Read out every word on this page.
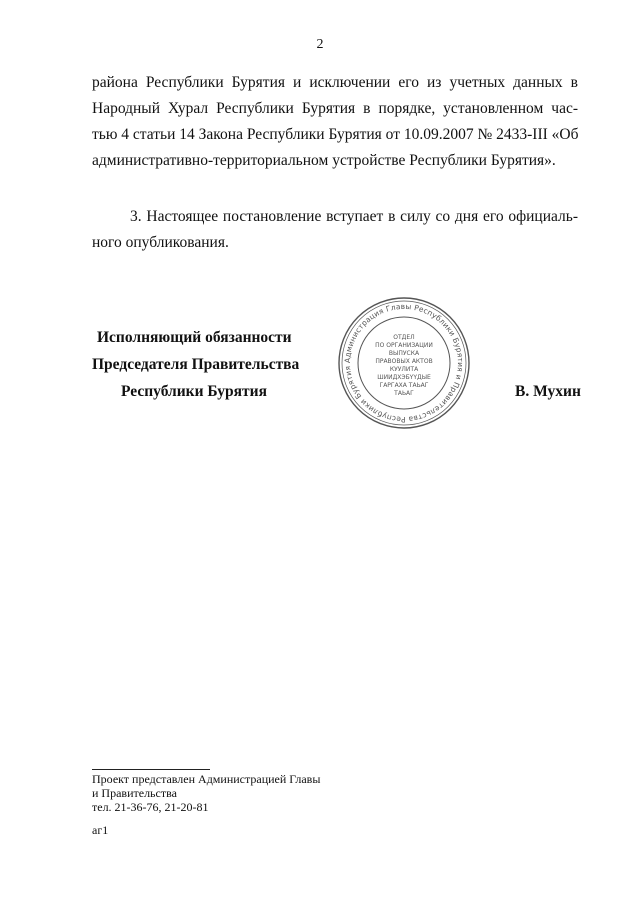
2
района Республики Бурятия и исключении его из учетных данных в
Народный Хурал Республики Бурятия в порядке, установленном час-
тью 4 статьи 14 Закона Республики Бурятия от 10.09.2007 № 2433-III «Об
административно-территориальном устройстве Республики Бурятия».
3. Настоящее постановление вступает в силу со дня его официаль-
ного опубликования.
Исполняющий обязанности
Председателя Правительства
Республики Бурятия	В. Мухин
Администрация Главы Республики Бурятия и Правительства Республики Бурятия
ОТДЕЛ
ПО ОРГАНИЗАЦИИ
ВЫПУСКА
ПРАВОВЫХ АКТОВ
КУУЛИТА
ШИИДХЭБҮҮДЫЕ
ГАРГАХА ТАЬАГ
ТАЬАГ
Проект представлен Администрацией Главы
и Правительства
тел. 21-36-76, 21-20-81
аг1
